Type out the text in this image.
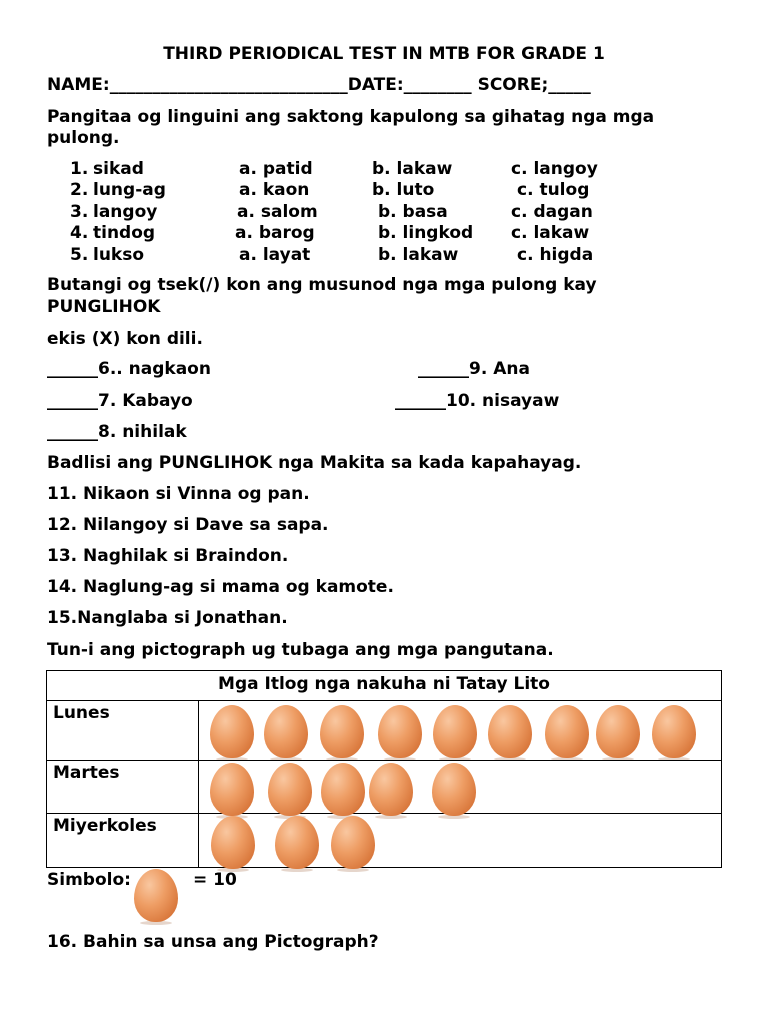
THIRD PERIODICAL TEST IN MTB FOR GRADE 1
NAME:____________________________DATE:________ SCORE;_____
Pangitaa og linguini ang saktong kapulong sa gihatag nga mga
pulong.
1. sikad	a. patid	b. lakaw	c. langoy
2. lung-ag	a. kaon	b. luto	c. tulog
3. langoy	a. salom	b. basa	c. dagan
4. tindog	a. barog	b. lingkod c. lakaw
5. lukso	a. layat	b. lakaw	c. higda
Butangi og tsek(/) kon ang musunod nga mga pulong kay
PUNGLIHOK
ekis (X) kon dili.
______6.. nagkaon	______9. Ana
______7. Kabayo	______10. nisayaw
______8. nihilak
Badlisi ang PUNGLIHOK nga Makita sa kada kapahayag.
11. Nikaon si Vinna og pan.
12. Nilangoy si Dave sa sapa.
13. Naghilak si Braindon.
14. Naglung-ag si mama og kamote.
15.Nanglaba si Jonathan.
Tun-i ang pictograph ug tubaga ang mga pangutana.
Mga Itlog nga nakuha ni Tatay Lito	
Lunes	

Martes	

Miyerkoles	
Simbolo:	= 10
16. Bahin sa unsa ang Pictograph?
